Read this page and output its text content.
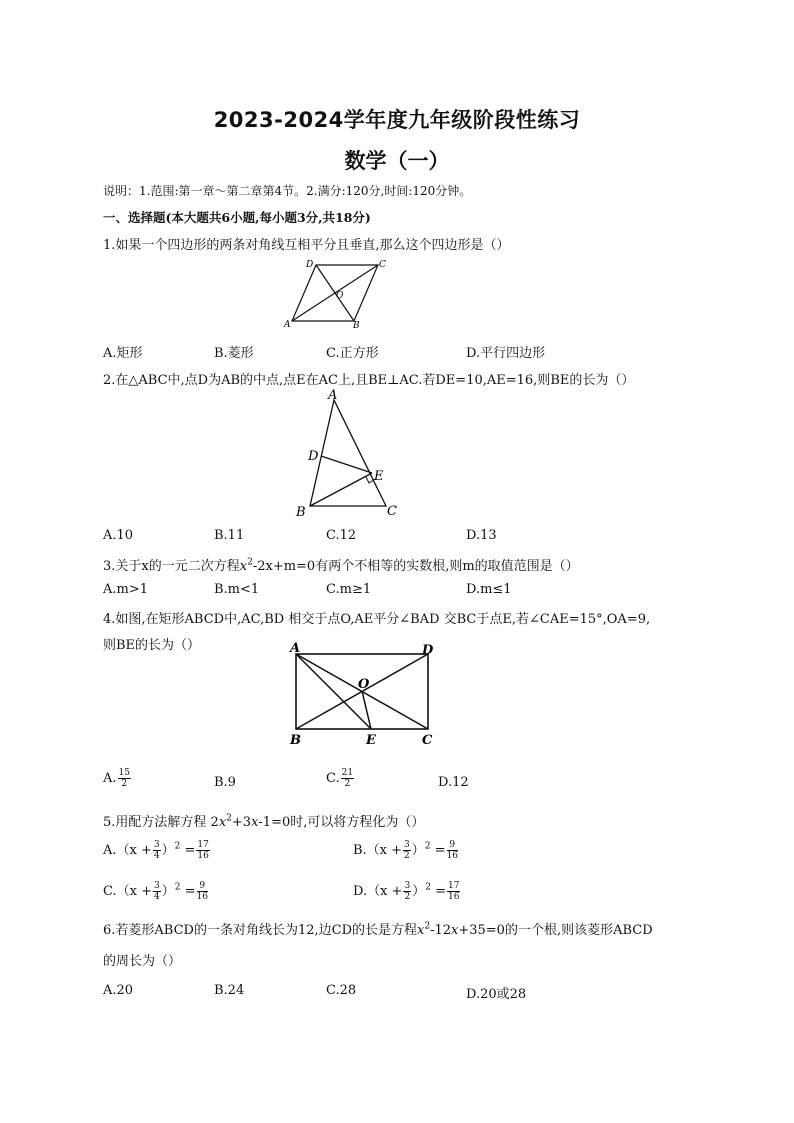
2023-2024学年度九年级阶段性练习
数学（一）
说明：1.范围:第一章～第二章第4节。2.满分:120分,时间:120分钟。
一、选择题(本大题共6小题,每小题3分,共18分)
1.如果一个四边形的两条对角线互相平分且垂直,那么这个四边形是（）
D	C
O
A	B
A.矩形	B.菱形	C.正方形	D.平行四边形
2.在△ABC中,点D为AB的中点,点E在AC上,且BE⊥AC.若DE=10,AE=16,则BE的长为（）
A
D
E
B	C
A.10	B.11	C.12	D.13
3.关于x的一元二次方程$x^2-2x+m=0$有两个不相等的实数根,则m的取值范围是（）
A.m>1	B.m<1	C.m≥1	D.m≤1
4.如图,在矩形ABCD中,AC,BD 相交于点O,AE平分∠BAD 交BC于点E,若∠CAE=15°,OA=9,
则BE的长为（）	A	D
O
B	E	C
A. $\frac{15}{2}$	B.9	C. $\frac{21}{2}$	D.12
5.用配方法解方程 $2x^2+3x-1=0$时,可以将方程化为（）
$A.(x + \frac{3}{4} )^2 = \frac{17}{16}$	$B.(x + \frac{3}{2} )^2 = \frac{9}{16}$
$C.(x + \frac{3}{4} )^2 = \frac{9}{16}$	$D.(x + \frac{3}{2} )^2 = \frac{17}{16}$
6.若菱形ABCD的一条对角线长为12,边CD的长是方程$x^2-12x+35=0$的一个根,则该菱形ABCD
的周长为（）
A.20	B.24	C.28	D.20或28
